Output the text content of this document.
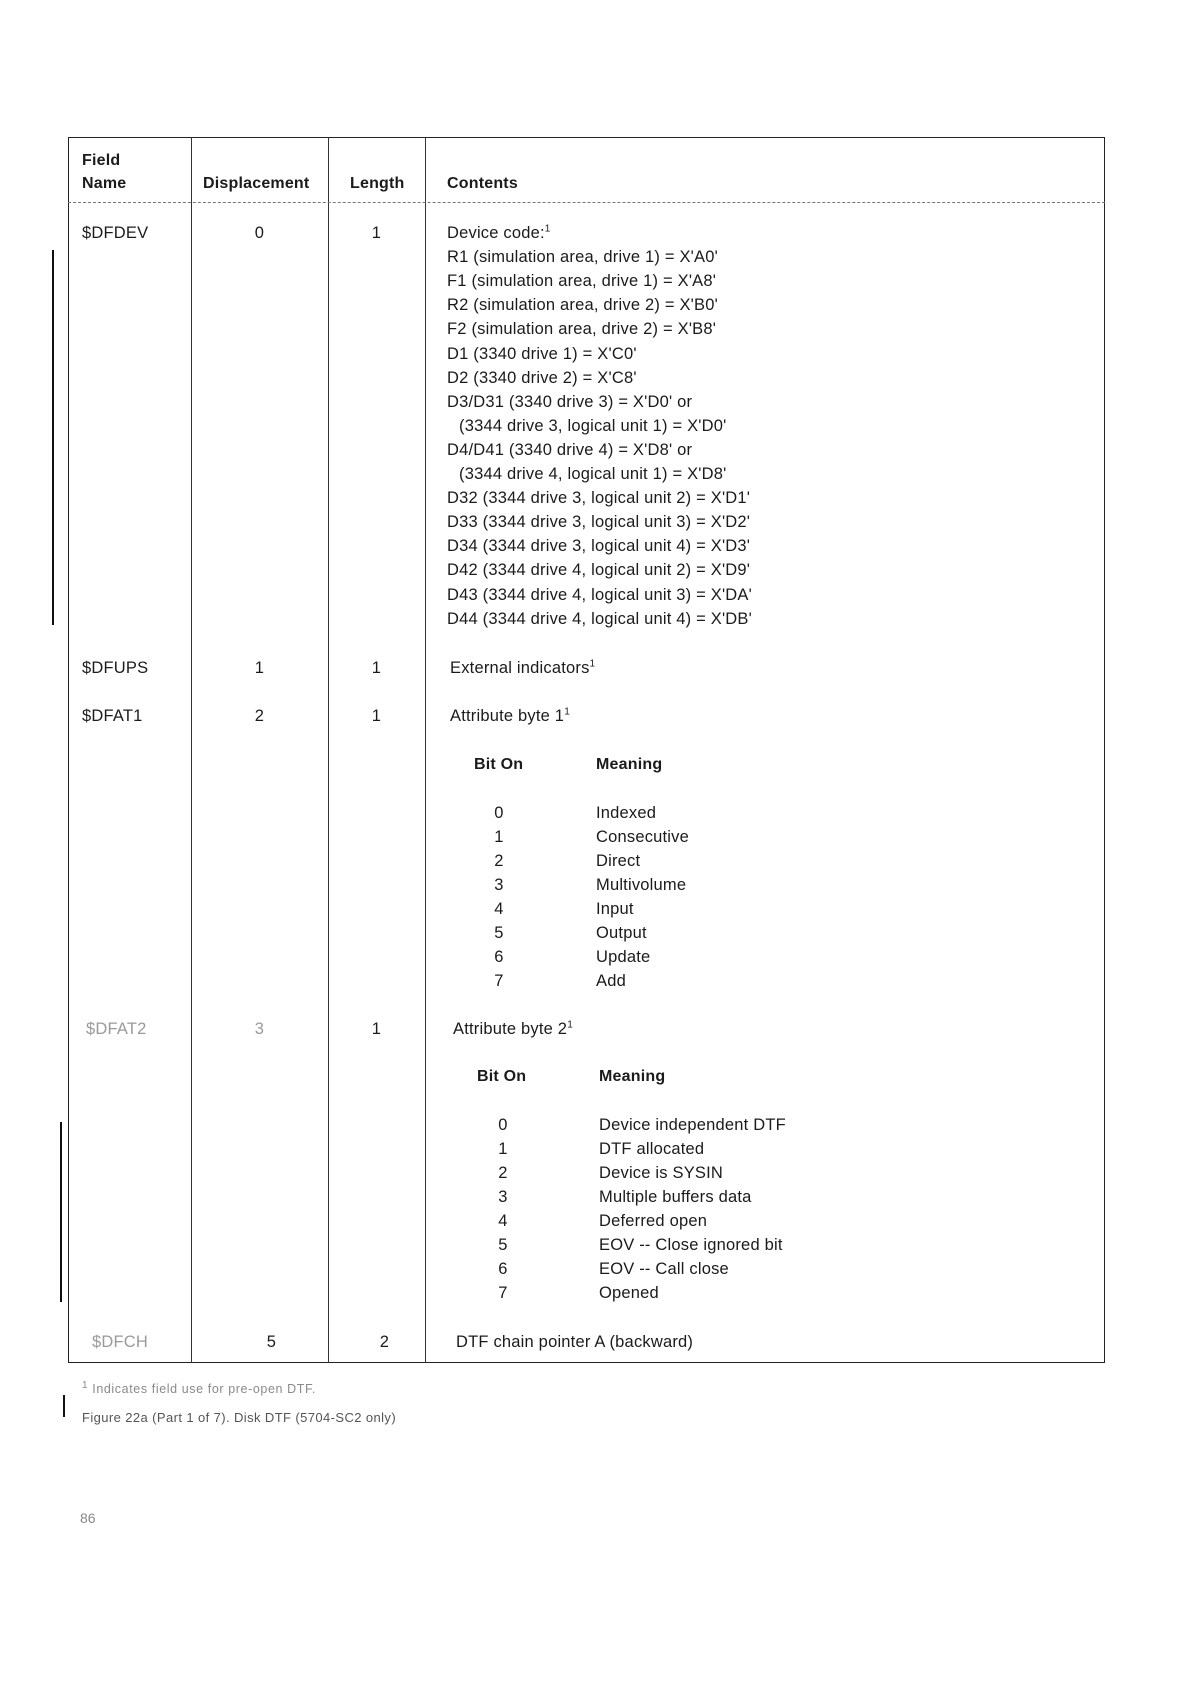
Field
Name	Displacement	Length	Contents
$DFDEV	0	1	Device code:$^1$
R1 (simulation area, drive 1) = X'A0'
F1 (simulation area, drive 1) = X'A8'
R2 (simulation area, drive 2) = X'B0'
F2 (simulation area, drive 2) = X'B8'
D1 (3340 drive 1) = X'C0'
D2 (3340 drive 2) = X'C8'
D3/D31 (3340 drive 3) = X'D0' or
(3344 drive 3, logical unit 1) = X'D0'
D4/D41 (3340 drive 4) = X'D8' or
(3344 drive 4, logical unit 1) = X'D8'
D32 (3344 drive 3, logical unit 2) = X'D1'
D33 (3344 drive 3, logical unit 3) = X'D2'
D34 (3344 drive 3, logical unit 4) = X'D3'
D42 (3344 drive 4, logical unit 2) = X'D9'
D43 (3344 drive 4, logical unit 3) = X'DA'
D44 (3344 drive 4, logical unit 4) = X'DB'
$DFUPS	1	1	External indicators$^1$
$DFAT1	2	1	Attribute byte $1^1$
Bit On	Meaning
0	Indexed
1	Consecutive
2	Direct
3	Multivolume
4	Input
5	Output
6	Update
7	Add
$DFAT2	3	1	Attribute byte $2^1$
Bit On	Meaning
0	Device independent DTF
1	DTF allocated
2	Device is SYSIN
3	Multiple buffers data
4	Deferred open
5	EOV -- Close ignored bit
6	EOV -- Call close
7	Opened
$DFCH	5	2	DTF chain pointer A (backward)
$^1$ Indicates field use for pre-open DTF.
Figure 22a (Part 1 of 7). Disk DTF (5704-SC2 only)
86
